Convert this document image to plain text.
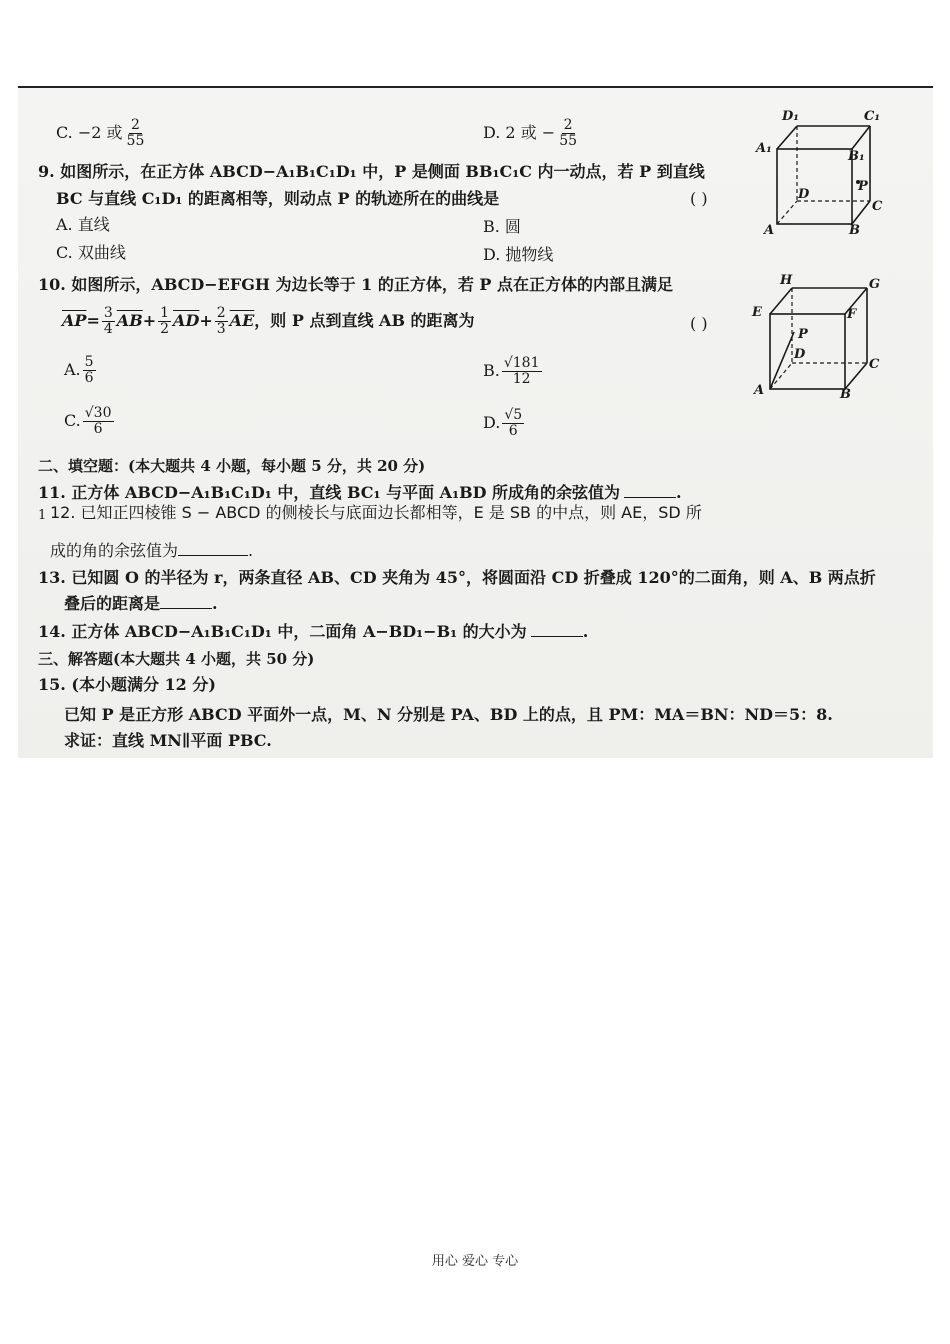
C. −2 或 $\frac{2}{55}$	D. 2 或 − $\frac{2}{55}$
9. 如图所示，在正方体 ABCD−A₁B₁C₁D₁ 中，P 是侧面 BB₁C₁C 内一动点，若 P 到直线
BC 与直线 C₁D₁ 的距离相等，则动点 P 的轨迹所在的曲线是	( )
A. 直线	B. 圆
C. 双曲线	D. 抛物线
D₁	C₁
A₁
B₁
P
D
C
A	B
10. 如图所示，ABCD−EFGH 为边长等于 1 的正方体，若 P 点在正方体的内部且满足
$\overline{AP}= \frac{3}{4} \overline{AB}+ \frac{1}{2} \overline{AD}+ \frac{2}{3} \overline{AE}$，则 P 点到直线 AB 的距离为	( )
A. $\frac{5}{6}$	B. $\frac{√181}{12}$
C. $\frac{√30}{6}$	D. $\frac{√5}{6}$
H	G
E	F
P
D
C
A	B
二、填空题：(本大题共 4 小题，每小题 5 分，共 20 分)
11. 正方体 ABCD−A₁B₁C₁D₁ 中，直线 BC₁ 与平面 A₁BD 所成角的余弦值为	.
1 12. 已知正四棱锥 S − ABCD 的侧棱长与底面边长都相等，E 是 SB 的中点，则 AE，SD 所
成的角的余弦值为	.
13. 已知圆 O 的半径为 r，两条直径 AB、CD 夹角为 45°，将圆面沿 CD 折叠成 120°的二面角，则 A、B 两点折
叠后的距离是	.
14. 正方体 ABCD−A₁B₁C₁D₁ 中，二面角 A−BD₁−B₁ 的大小为	.
三、解答题(本大题共 4 小题，共 50 分)
15. (本小题满分 12 分)
已知 P 是正方形 ABCD 平面外一点，M、N 分别是 PA、BD 上的点，且 PM：MA＝BN：ND＝5：8.
求证：直线 MN∥平面 PBC.
用心 爱心 专心
